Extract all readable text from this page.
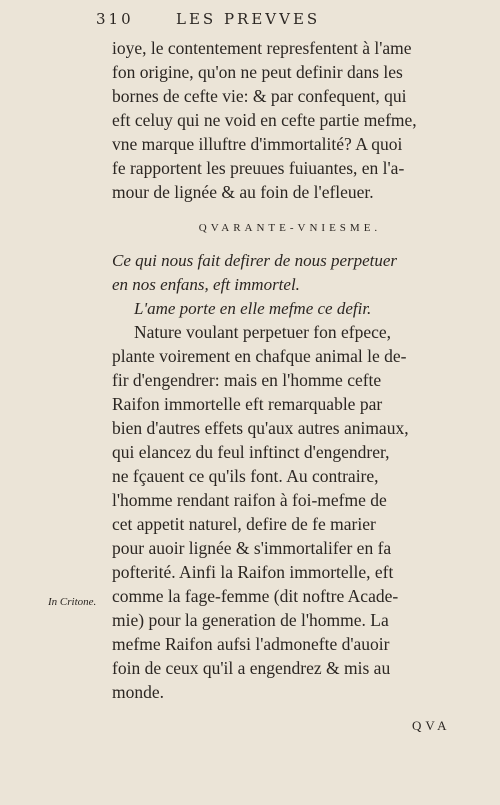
310	LES PREVVES
ioye, le contentement represfentent à l'ame
fon origine, qu'on ne peut definir dans les
bornes de cefte vie: & par confequent, qui
eft celuy qui ne void en cefte partie mefme,
vne marque illuftre d'immortalité? A quoi
fe rapportent les preuues fuiuantes, en l'a-
mour de lignée & au foin de l'efleuer.
QVARANTE-VNIESME.
Ce qui nous fait defirer de nous perpetuer
en nos enfans, eft immortel.
L'ame porte en elle mefme ce defir.
Nature voulant perpetuer fon efpece,
plante voirement en chafque animal le de-
fir d'engendrer: mais en l'homme cefte
Raifon immortelle eft remarquable par
bien d'autres effets qu'aux autres animaux,
qui elancez du feul inftinct d'engendrer,
ne fçauent ce qu'ils font. Au contraire,
l'homme rendant raifon à foi-mefme de
cet appetit naturel, defire de fe marier
pour auoir lignée & s'immortalifer en fa
pofterité. Ainfi la Raifon immortelle, eft
comme la fage-femme (dit noftre Acade-
mie) pour la generation de l'homme. La
mefme Raifon aufsi l'admonefte d'auoir
foin de ceux qu'il a engendrez & mis au
monde.
In Critone.
QVA
